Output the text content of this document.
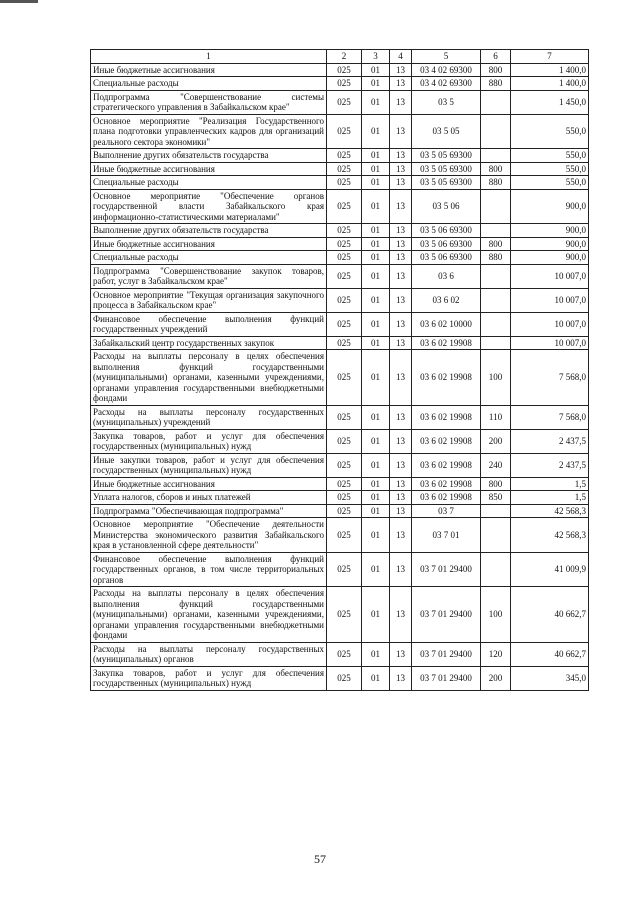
1	2	3	4	5	6	7
Иные бюджетные ассигнования	025	01	13	03 4 02 69300	800	1 400,0
Специальные расходы	025	01	13	03 4 02 69300	880	1 400,0
Подпрограмма "Совершенствование системы стратегического управления в Забайкальском крае"	025	01	13	03 5		1 450,0
Основное мероприятие "Реализация Государственного плана подготовки управленческих кадров для организаций реального сектора экономики"	025	01	13	03 5 05		550,0
Выполнение других обязательств государства	025	01	13	03 5 05 69300		550,0
Иные бюджетные ассигнования	025	01	13	03 5 05 69300	800	550,0
Специальные расходы	025	01	13	03 5 05 69300	880	550,0
Основное мероприятие "Обеспечение органов государственной власти Забайкальского края информационно-статистическими материалами"	025	01	13	03 5 06		900,0
Выполнение других обязательств государства	025	01	13	03 5 06 69300		900,0
Иные бюджетные ассигнования	025	01	13	03 5 06 69300	800	900,0
Специальные расходы	025	01	13	03 5 06 69300	880	900,0
Подпрограмма "Совершенствование закупок товаров, работ, услуг в Забайкальском крае"	025	01	13	03 6		10 007,0
Основное мероприятие "Текущая организация закупочного процесса в Забайкальском крае"	025	01	13	03 6 02		10 007,0
Финансовое обеспечение выполнения функций государственных учреждений	025	01	13	03 6 02 10000		10 007,0
Забайкальский центр государственных закупок	025	01	13	03 6 02 19908		10 007,0
Расходы на выплаты персоналу в целях обеспечения выполнения функций государственными (муниципальными) органами, казенными учреждениями, органами управления государственными внебюджетными фондами	025	01	13	03 6 02 19908	100	7 568,0
Расходы на выплаты персоналу государственных (муниципальных) учреждений	025	01	13	03 6 02 19908	110	7 568,0
Закупка товаров, работ и услуг для обеспечения государственных (муниципальных) нужд	025	01	13	03 6 02 19908	200	2 437,5
Иные закупки товаров, работ и услуг для обеспечения государственных (муниципальных) нужд	025	01	13	03 6 02 19908	240	2 437,5
Иные бюджетные ассигнования	025	01	13	03 6 02 19908	800	1,5
Уплата налогов, сборов и иных платежей	025	01	13	03 6 02 19908	850	1,5
Подпрограмма "Обеспечивающая подпрограмма"	025	01	13	03 7		42 568,3
Основное мероприятие "Обеспечение деятельности Министерства экономического развития Забайкальского края в установленной сфере деятельности"	025	01	13	03 7 01		42 568,3
Финансовое обеспечение выполнения функций государственных органов, в том числе территориальных органов	025	01	13	03 7 01 29400		41 009,9
Расходы на выплаты персоналу в целях обеспечения выполнения функций государственными (муниципальными) органами, казенными учреждениями, органами управления государственными внебюджетными фондами	025	01	13	03 7 01 29400	100	40 662,7
Расходы на выплаты персоналу государственных (муниципальных) органов	025	01	13	03 7 01 29400	120	40 662,7
Закупка товаров, работ и услуг для обеспечения государственных (муниципальных) нужд	025	01	13	03 7 01 29400	200	345,0
57
